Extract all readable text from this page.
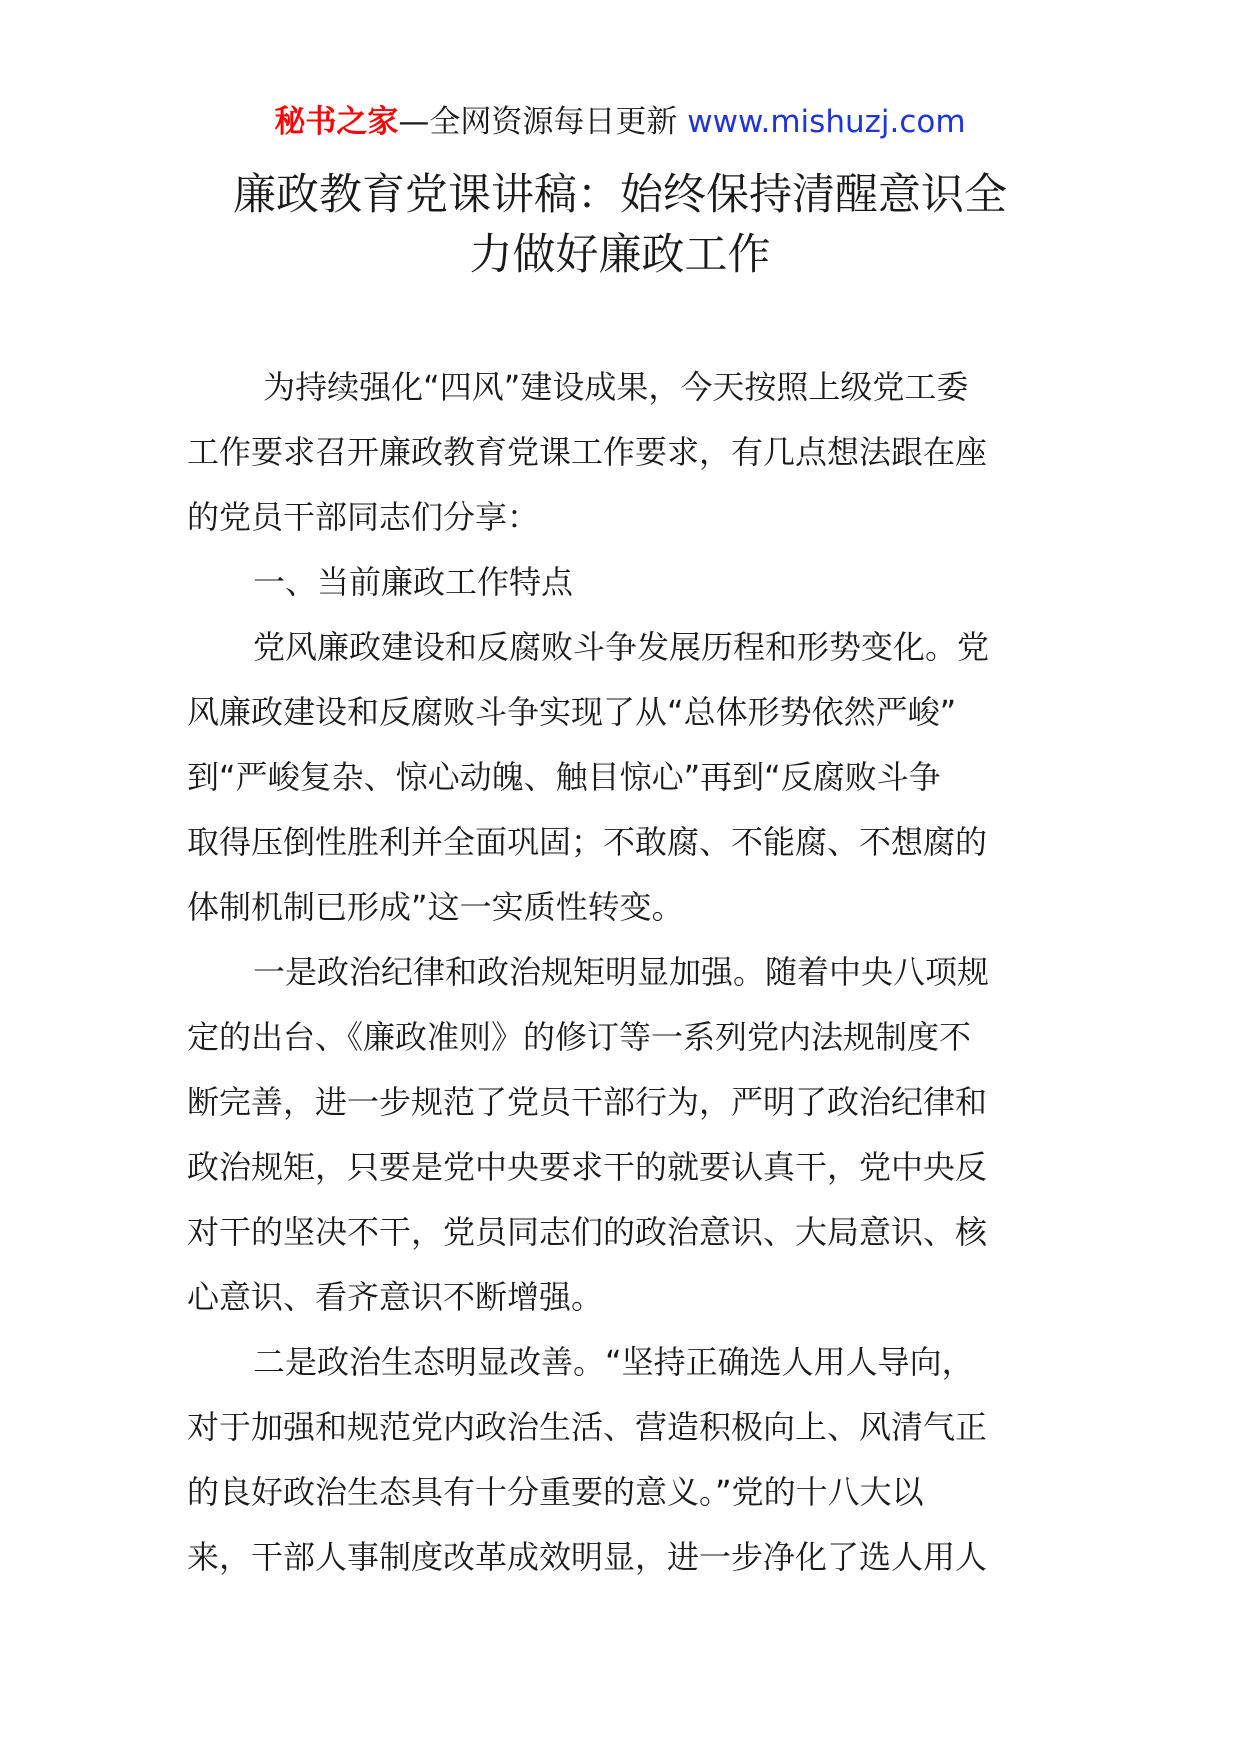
秘书之家—全网资源每日更新 www.mishuzj.com
廉政教育党课讲稿：始终保持清醒意识全
力做好廉政工作
为持续强化“四风”建设成果，今天按照上级党工委
工作要求召开廉政教育党课工作要求，有几点想法跟在座
的党员干部同志们分享：
一、当前廉政工作特点
党风廉政建设和反腐败斗争发展历程和形势变化。党
风廉政建设和反腐败斗争实现了从“总体形势依然严峻”
到“严峻复杂、惊心动魄、触目惊心”再到“反腐败斗争
取得压倒性胜利并全面巩固；不敢腐、不能腐、不想腐的
体制机制已形成”这一实质性转变。
一是政治纪律和政治规矩明显加强。随着中央八项规
定的出台、《廉政准则》的修订等一系列党内法规制度不
断完善，进一步规范了党员干部行为，严明了政治纪律和
政治规矩，只要是党中央要求干的就要认真干，党中央反
对干的坚决不干，党员同志们的政治意识、大局意识、核
心意识、看齐意识不断增强。
二是政治生态明显改善。“坚持正确选人用人导向，
对于加强和规范党内政治生活、营造积极向上、风清气正
的良好政治生态具有十分重要的意义。”党的十八大以
来，干部人事制度改革成效明显，进一步净化了选人用人
